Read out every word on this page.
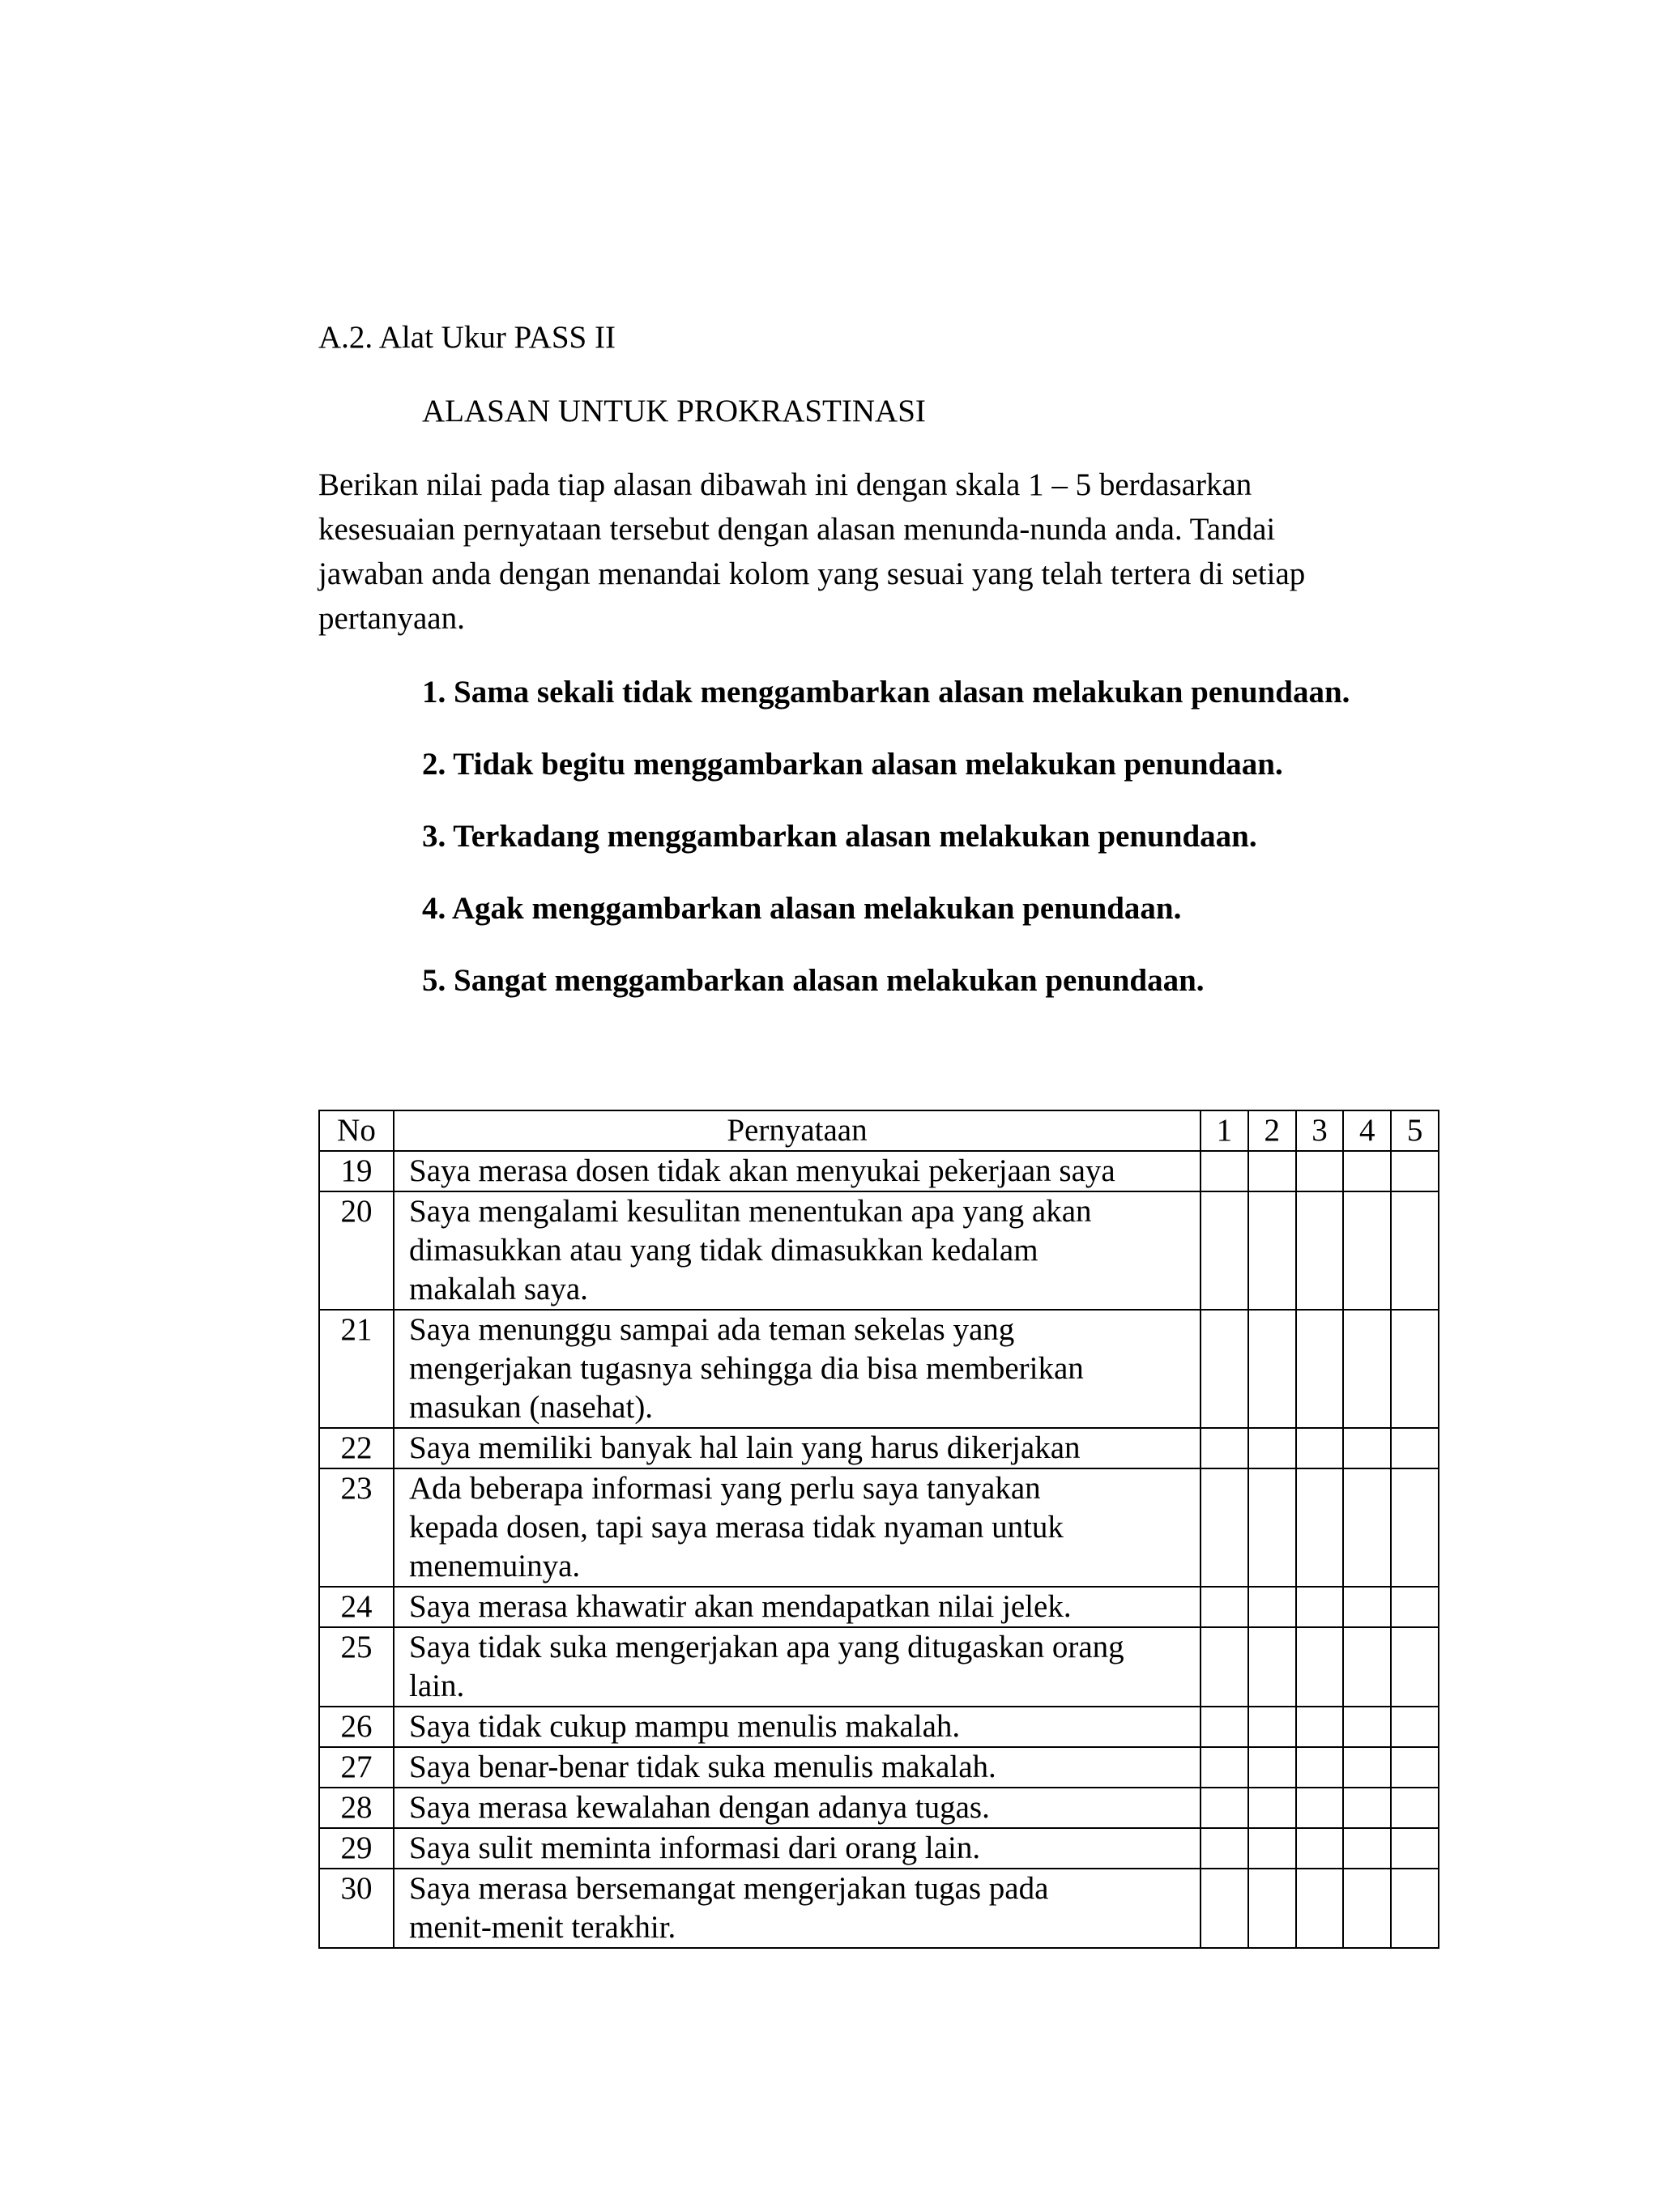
A.2. Alat Ukur PASS II
ALASAN UNTUK PROKRASTINASI
Berikan nilai pada tiap alasan dibawah ini dengan skala 1 – 5 berdasarkan
kesesuaian pernyataan tersebut dengan alasan menunda-nunda anda. Tandai
jawaban anda dengan menandai kolom yang sesuai yang telah tertera di setiap
pertanyaan.
1. Sama sekali tidak menggambarkan alasan melakukan penundaan.
2. Tidak begitu menggambarkan alasan melakukan penundaan.
3. Terkadang menggambarkan alasan melakukan penundaan.
4. Agak menggambarkan alasan melakukan penundaan.
5. Sangat menggambarkan alasan melakukan penundaan.
No	Pernyataan	1	2	3	4	5
19	Saya merasa dosen tidak akan menyukai pekerjaan saya					

20	Saya mengalami kesulitan menentukan apa yang akan
dimasukkan atau yang tidak dimasukkan kedalam
makalah saya.					

21	Saya menunggu sampai ada teman sekelas yang
mengerjakan tugasnya sehingga dia bisa memberikan
masukan (nasehat).					

22	Saya memiliki banyak hal lain yang harus dikerjakan					

23	Ada beberapa informasi yang perlu saya tanyakan
kepada dosen, tapi saya merasa tidak nyaman untuk
menemuinya.					

24	Saya merasa khawatir akan mendapatkan nilai jelek.					

25	Saya tidak suka mengerjakan apa yang ditugaskan orang
lain.					

26	Saya tidak cukup mampu menulis makalah.					

27	Saya benar-benar tidak suka menulis makalah.					

28	Saya merasa kewalahan dengan adanya tugas.					

29	Saya sulit meminta informasi dari orang lain.					

30	Saya merasa bersemangat mengerjakan tugas pada
menit-menit terakhir.					
